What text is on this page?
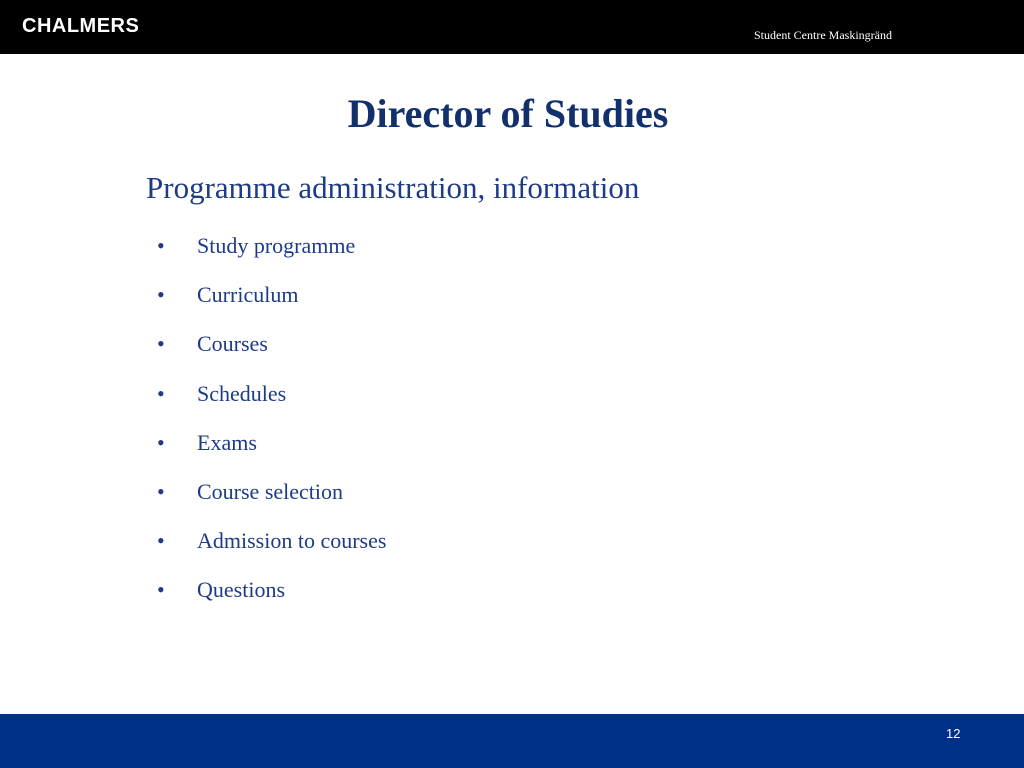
CHALMERS	Student Centre Maskingränd
Director of Studies
Programme administration, information
• Study programme
• Curriculum
• Courses
• Schedules
• Exams
• Course selection
• Admission to courses
• Questions
12
